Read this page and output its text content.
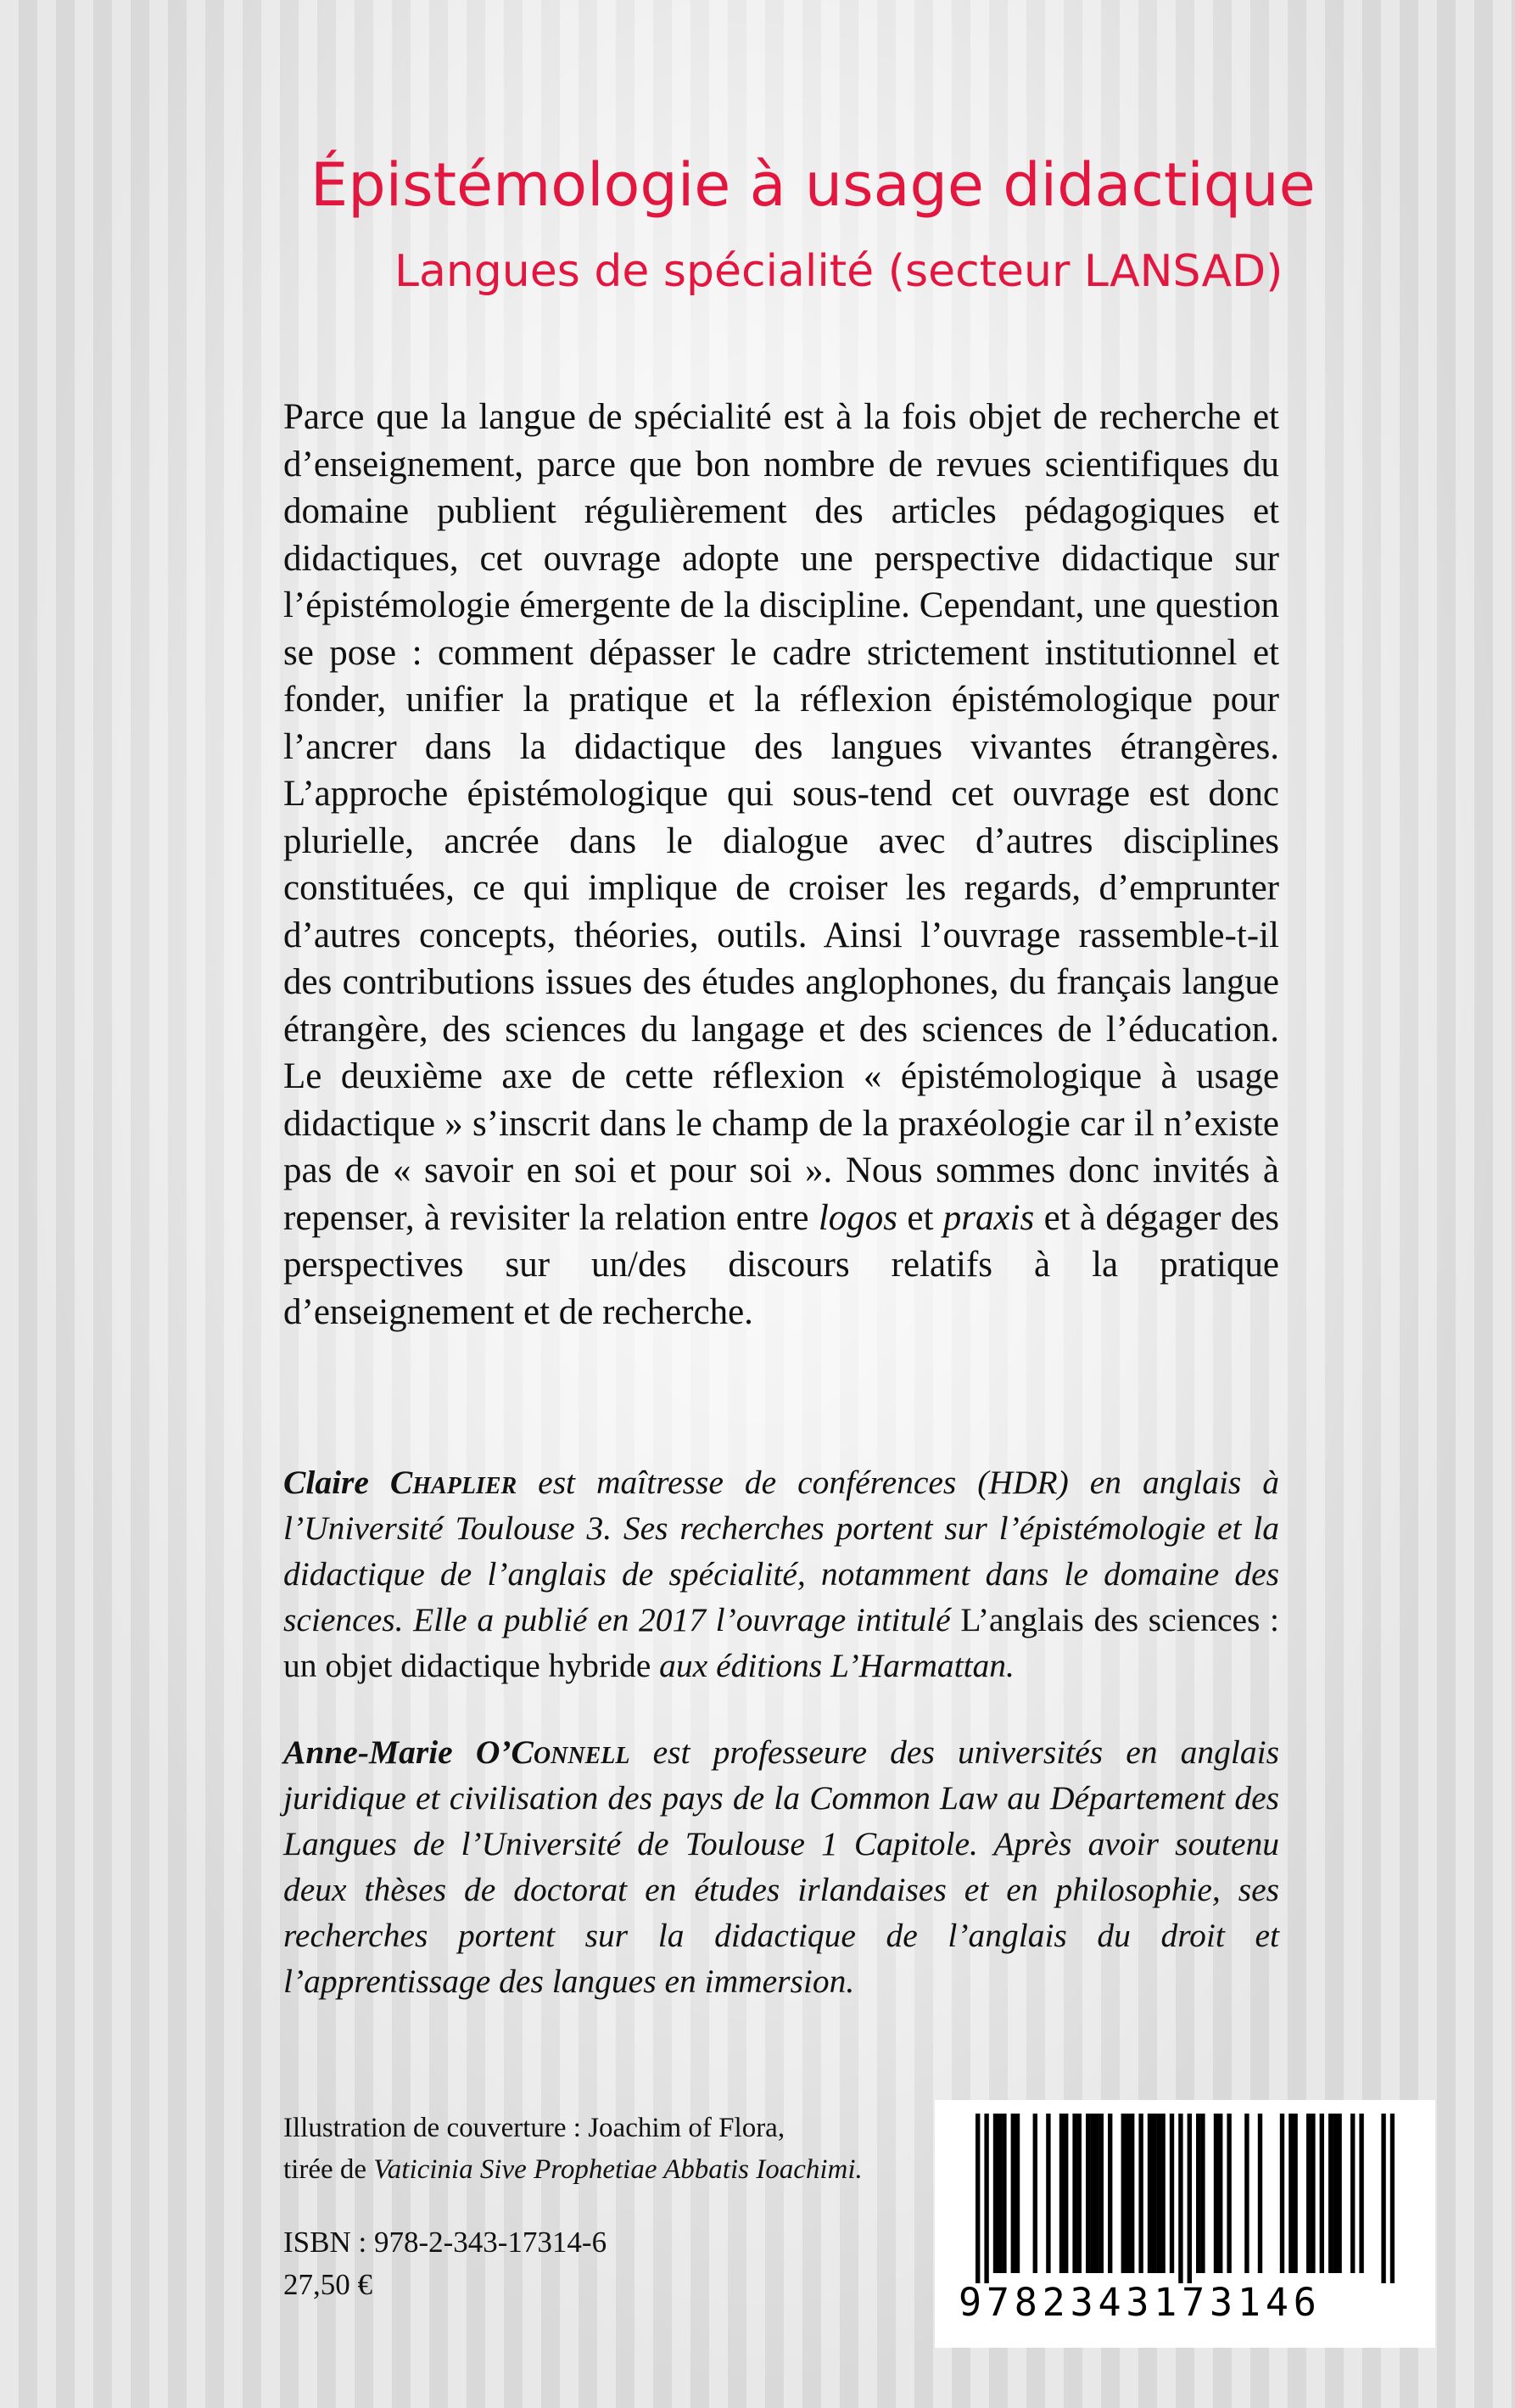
Épistémologie à usage didactique
Langues de spécialité (secteur LANSAD)

Parce que la langue de spécialité est à la fois objet de recherche et d’enseignement, parce que bon nombre de revues scientifiques du domaine publient régulièrement des articles pédagogiques et didactiques, cet ouvrage adopte une perspective didactique sur l’épistémologie émergente de la discipline. Cependant, une question se pose : comment dépasser le cadre strictement institutionnel et fonder, unifier la pratique et la réflexion épistémologique pour l’ancrer dans la didactique des langues vivantes étrangères. L’approche épistémologique qui sous-tend cet ouvrage est donc plurielle, ancrée dans le dialogue avec d’autres disciplines constituées, ce qui implique de croiser les regards, d’emprunter d’autres concepts, théories, outils. Ainsi l’ouvrage rassemble-t-il des contributions issues des études anglophones, du français langue étrangère, des sciences du langage et des sciences de l’éducation. Le deuxième axe de cette réflexion « épistémologique à usage didactique » s’inscrit dans le champ de la praxéologie car il n’existe pas de « savoir en soi et pour soi ». Nous sommes donc invités à repenser, à revisiter la relation entre logos et praxis et à dégager des perspectives sur un/des discours relatifs à la pratique d’enseignement et de recherche.

Claire Chaplier est maîtresse de conférences (HDR) en anglais à l’Université Toulouse 3. Ses recherches portent sur l’épistémologie et la didactique de l’anglais de spécialité, notamment dans le domaine des sciences. Elle a publié en 2017 l’ouvrage intitulé L’anglais des sciences : un objet didactique hybride aux éditions L’Harmattan.

Anne-Marie O’Connell est professeure des universités en anglais juridique et civilisation des pays de la Common Law au Département des Langues de l’Université de Toulouse 1 Capitole. Après avoir soutenu deux thèses de doctorat en études irlandaises et en philosophie, ses recherches portent sur la didactique de l’anglais du droit et l’apprentissage des langues en immersion.

Illustration de couverture : Joachim of Flora,
tirée de Vaticinia Sive Prophetiae Abbatis Ioachimi.

ISBN : 978-2-343-17314-6
27,50 €	9782343173146
